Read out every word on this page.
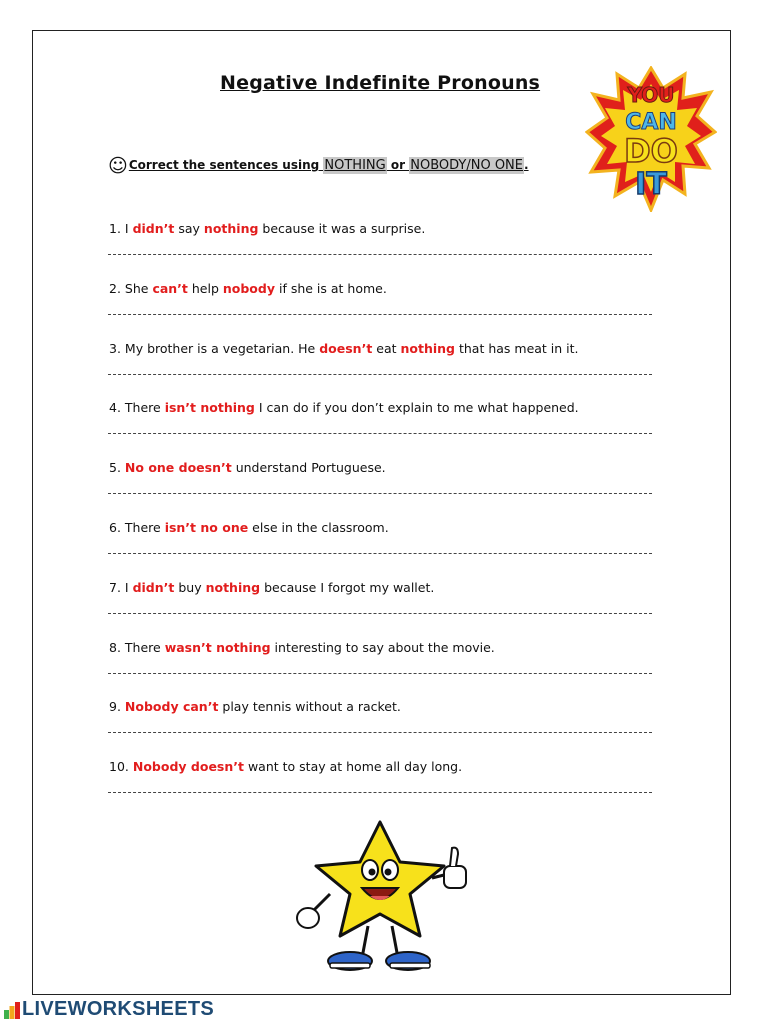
Negative Indefinite Pronouns	YOU
CAN
DO
IT
☺ Correct the sentences using NOTHING or NOBODY/NO ONE.
1. I didn’t say nothing because it was a surprise.
2. She can’t help nobody if she is at home.
3. My brother is a vegetarian. He doesn’t eat nothing that has meat in it.
4. There isn’t nothing I can do if you don’t explain to me what happened.
5. No one doesn’t understand Portuguese.
6. There isn’t no one else in the classroom.
7. I didn’t buy nothing because I forgot my wallet.
8. There wasn’t nothing interesting to say about the movie.
9. Nobody can’t play tennis without a racket.
10. Nobody doesn’t want to stay at home all day long.
LIVEWORKSHEETS
